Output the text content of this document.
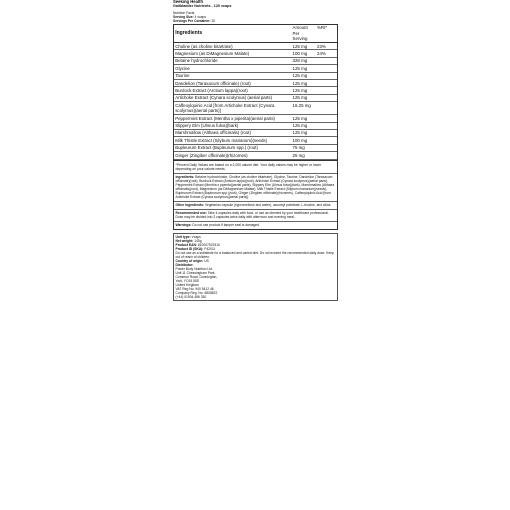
Seeking Health
Gallbladder Nutrients - 120 vcaps
Nutrition Facts
Serving Size: 4 vcaps
Servings Per Container: 30
Ingredients	Amount Per Serving	%RI*
Choline (as choline bitartrate)	125 mg	23%
Magnesium (as DiMagnesium Malate)	100 mg	24%
Betaine hydrochloride	328 mg	
Glycine	125 mg	
Taurine	125 mg	
Dandelion (Taraxacum officinale) (root)	125 mg	
Burdock Extract (Arctium lappa)(root)	125 mg	
Artichoke Extract (Cynara scolymus) (aerial parts)	125 mg	
Caffeoylquinic Acid [from Artichoke Extract (Cynara scolymus)(aerial parts)]	16.25 mg	
Peppermint Extract (Mentha x piperita)(aerial parts)	125 mg	
Slippery Elm (Ulmus fulva)(bark)	125 mg	
Marshmallow (Althaea officinalis) (root)	125 mg	
Milk Thistle Extract (Silybum marianum)(seeds)	100 mg	
Bupleurum Extract (Bupleurum spp.) (root)	75 mg	
Ginger (Zingiber officinale)(rhizomes)	25 mg	
*Percent Daily Values are based on a 2,000 calorie diet. Your daily values may be higher or lower depending on your calorie needs.
Ingredients: Betaine hydrochloride, Choline (as choline bitartrate), Glycine, Taurine, Dandelion (Taraxacum officinale)(root), Burdock Extract (Arctium lappa)(root), Artichoke Extract (Cynara scolymus)(aerial parts), Peppermint Extract (Mentha x piperita)(aerial parts), Slippery Elm (Ulmus fulva)(bark), Marshmallow (Althaea officinalis)(root), Magnesium (as DiMagnesium Malate), Milk Thistle Extract (Silybum marianum)(seeds), Bupleurum Extract (Bupleurum spp.)(root), Ginger (Zingiber officinale)(rhizomes), Caffeoylquinic Acid [from Artichoke Extract (Cynara scolymus)(aerial parts)]
Other ingredients: Vegetarian capsule (hypromellose and water), ascorbyl palmitate, L-leucine, and silica.
Recommended use: Take 4 capsules daily with food, or use as directed by your healthcare professional. Dose may be divided into 2 capsules twice daily with afternoon and evening meal.
Warnings: Do not use product if tamper seal is damaged.
Unit type: Vcaps
Net weight: 140g
Product EAN: 810007521510
Product ID (SKU): P42011
Do not use as a substitute for a balanced and varied diet. Do not exceed the recommended daily dose. Keep out of reach of children.
Country of origin: US
Distributor:
Power Body Nutrition Ltd.
Unit 11 Chessingham Park
Common Road, Dunnington,
York, YO19 5SE
United Kingdom
VAT Reg No. 940 5412 46
Company Reg. No. 6808822
(+44) 01904 486 330
